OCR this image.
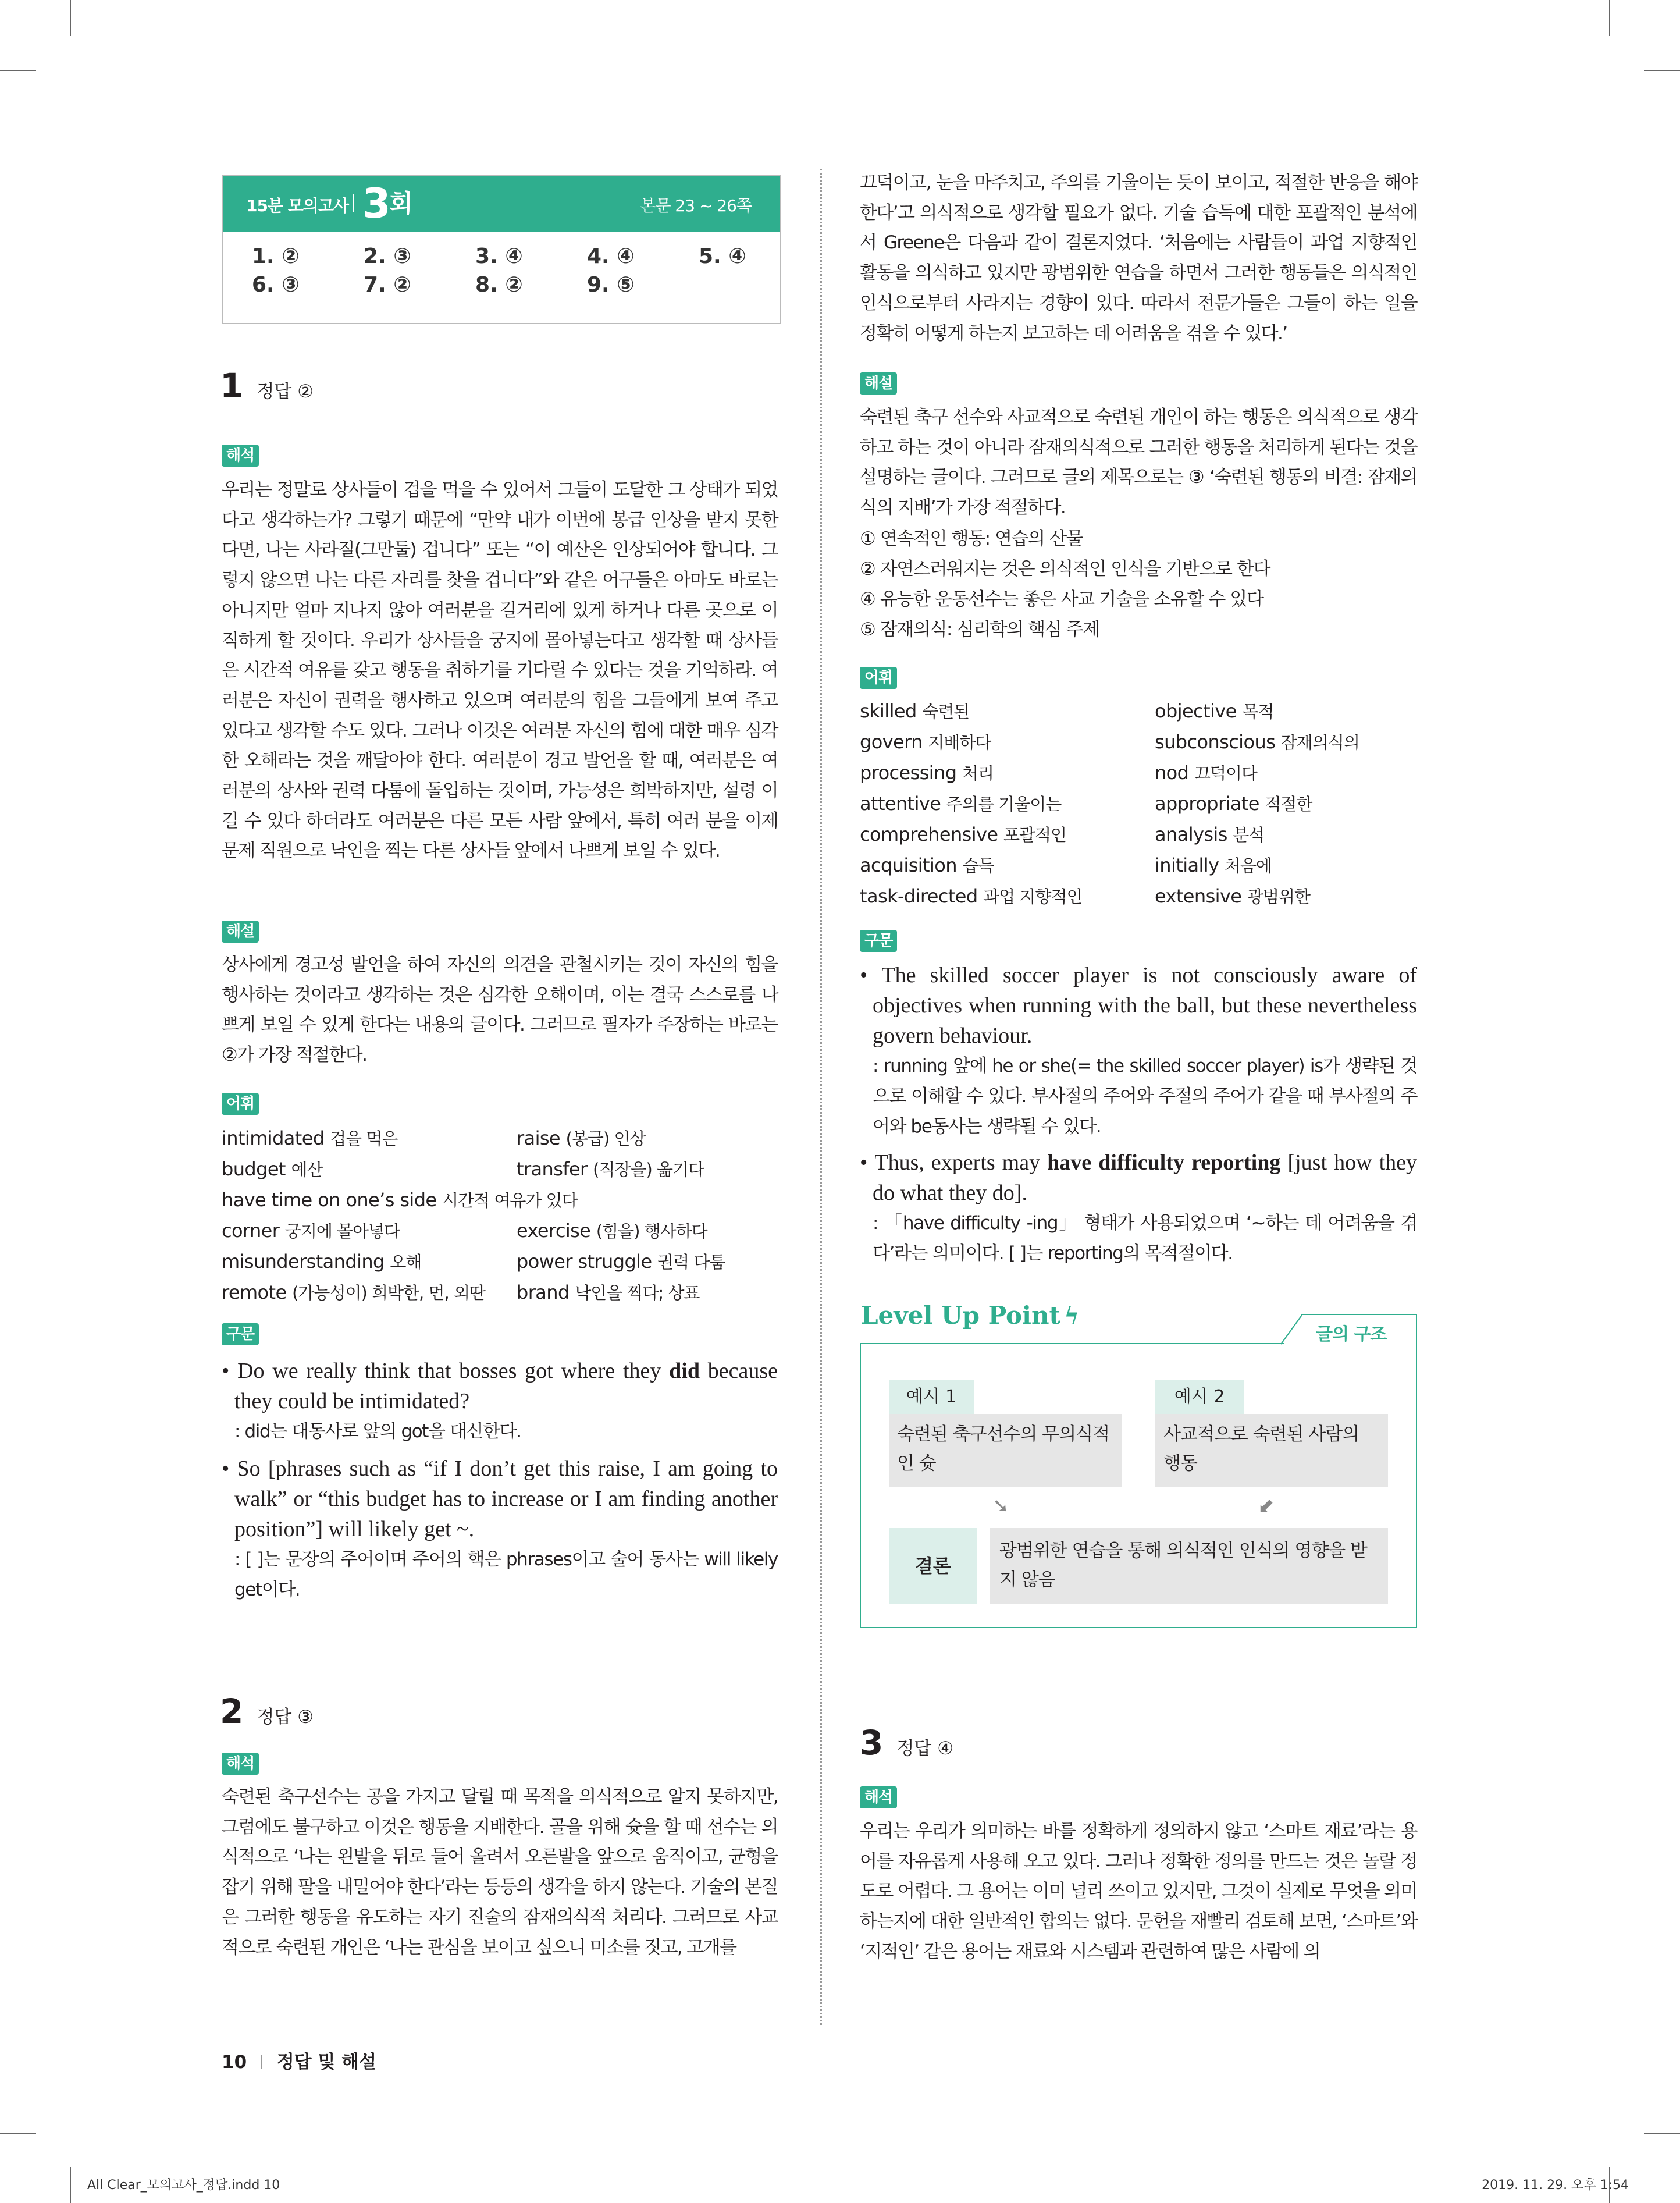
15분 모의고사 3
회	본문 23 ~ 26쪽
1. ②	2. ③	3. ④	4. ④	5. ④
6. ③	7. ②	8. ②	9. ⑤
1 정답 ②
해석

우리는 정말로 상사들이 겁을 먹을 수 있어서 그들이 도달한 그 상태가 되었다고 생각하는가? 그렇기 때문에 “만약 내가 이번에 봉급 인상을 받지 못한다면, 나는 사라질(그만둘) 겁니다” 또는 “이 예산은 인상되어야 합니다. 그렇지 않으면 나는 다른 자리를 찾을 겁니다”와 같은 어구들은 아마도 바로는 아니지만 얼마 지나지 않아 여러분을 길거리에 있게 하거나 다른 곳으로 이직하게 할 것이다. 우리가 상사들을 궁지에 몰아넣는다고 생각할 때 상사들은 시간적 여유를 갖고 행동을 취하기를 기다릴 수 있다는 것을 기억하라. 여러분은 자신이 권력을 행사하고 있으며 여러분의 힘을 그들에게 보여 주고 있다고 생각할 수도 있다. 그러나 이것은 여러분 자신의 힘에 대한 매우 심각한 오해라는 것을 깨달아야 한다. 여러분이 경고 발언을 할 때, 여러분은 여러분의 상사와 권력 다툼에 돌입하는 것이며, 가능성은 희박하지만, 설령 이길 수 있다 하더라도 여러분은 다른 모든 사람 앞에서, 특히 여러 분을 이제 문제 직원으로 낙인을 찍는 다른 상사들 앞에서 나쁘게 보일 수 있다.

해설

상사에게 경고성 발언을 하여 자신의 의견을 관철시키는 것이 자신의 힘을 행사하는 것이라고 생각하는 것은 심각한 오해이며, 이는 결국 스스로를 나쁘게 보일 수 있게 한다는 내용의 글이다. 그러므로 필자가 주장하는 바로는 ②가 가장 적절한다.

어휘
intimidated 겁을 먹은	raise (봉급) 인상
budget 예산	transfer (직장을) 옮기다
have time on one’s side 시간적 여유가 있다
corner 궁지에 몰아넣다	exercise (힘을) 행사하다
misunderstanding 오해	power struggle 권력 다툼
remote (가능성이) 희박한, 먼, 외딴	brand 낙인을 찍다; 상표
구문

• Do we really think that bosses got where they did because they could be intimidated?

: did는 대동사로 앞의 got을 대신한다.

• So [phrases such as “if I don’t get this raise, I am going to walk” or “this budget has to increase or I am finding another position”] will likely get ~.

: [ ]는 문장의 주어이며 주어의 핵은 phrases이고 술어 동사는 will likely get이다.

2 정답 ③
해석

숙련된 축구선수는 공을 가지고 달릴 때 목적을 의식적으로 알지 못하지만, 그럼에도 불구하고 이것은 행동을 지배한다. 골을 위해 슛을 할 때 선수는 의식적으로 ‘나는 왼발을 뒤로 들어 올려서 오른발을 앞으로 움직이고, 균형을 잡기 위해 팔을 내밀어야 한다’라는 등등의 생각을 하지 않는다. 기술의 본질은 그러한 행동을 유도하는 자기 진술의 잠재의식적 처리다. 그러므로 사교적으로 숙련된 개인은 ‘나는 관심을 보이고 싶으니 미소를 짓고, 고개를

10 정답 및 해설
All Clear_모의고사_정답.indd 10	2019. 11. 29. 오후 1:54

끄덕이고, 눈을 마주치고, 주의를 기울이는 듯이 보이고, 적절한 반응을 해야 한다’고 의식적으로 생각할 필요가 없다. 기술 습득에 대한 포괄적인 분석에서 Greene은 다음과 같이 결론지었다. ‘처음에는 사람들이 과업 지향적인 활동을 의식하고 있지만 광범위한 연습을 하면서 그러한 행동들은 의식적인 인식으로부터 사라지는 경향이 있다. 따라서 전문가들은 그들이 하는 일을 정확히 어떻게 하는지 보고하는 데 어려움을 겪을 수 있다.’

해설

숙련된 축구 선수와 사교적으로 숙련된 개인이 하는 행동은 의식적으로 생각하고 하는 것이 아니라 잠재의식적으로 그러한 행동을 처리하게 된다는 것을 설명하는 글이다. 그러므로 글의 제목으로는 ③ ‘숙련된 행동의 비결: 잠재의식의 지배’가 가장 적절하다.

① 연속적인 행동: 연습의 산물
② 자연스러워지는 것은 의식적인 인식을 기반으로 한다
④ 유능한 운동선수는 좋은 사교 기술을 소유할 수 있다
⑤ 잠재의식: 심리학의 핵심 주제
어휘
skilled 숙련된	objective 목적
govern 지배하다	subconscious 잠재의식의
processing 처리	nod 끄덕이다
attentive 주의를 기울이는	appropriate 적절한
comprehensive 포괄적인	analysis 분석
acquisition 습득	initially 처음에
task-directed 과업 지향적인	extensive 광범위한
구문

• The skilled soccer player is not consciously aware of objectives when running with the ball, but these nevertheless govern behaviour.

: running 앞에 he or she(= the skilled soccer player) is가 생략된 것으로 이해할 수 있다. 부사절의 주어와 주절의 주어가 같을 때 부사절의 주어와 be동사는 생략될 수 있다.

• Thus, experts may have difficulty reporting [just how they do what they do].

: 「have difficulty -ing」 형태가 사용되었으며 ‘~하는 데 어려움을 겪다’라는 의미이다. [ ]는 reporting의 목적절이다.

Level Up Point ϟ
글의 구조
예시 1
숙련된 축구선수의 무의식적인 슛
예시 2
사교적으로 숙련된 사람의 행동
➘	⬋
결론
광범위한 연습을 통해 의식적인 인식의 영향을 받지 않음
3 정답 ④
해석

우리는 우리가 의미하는 바를 정확하게 정의하지 않고 ‘스마트 재료’라는 용어를 자유롭게 사용해 오고 있다. 그러나 정확한 정의를 만드는 것은 놀랄 정도로 어렵다. 그 용어는 이미 널리 쓰이고 있지만, 그것이 실제로 무엇을 의미하는지에 대한 일반적인 합의는 없다. 문헌을 재빨리 검토해 보면, ‘스마트’와 ‘지적인’ 같은 용어는 재료와 시스템과 관련하여 많은 사람에 의
